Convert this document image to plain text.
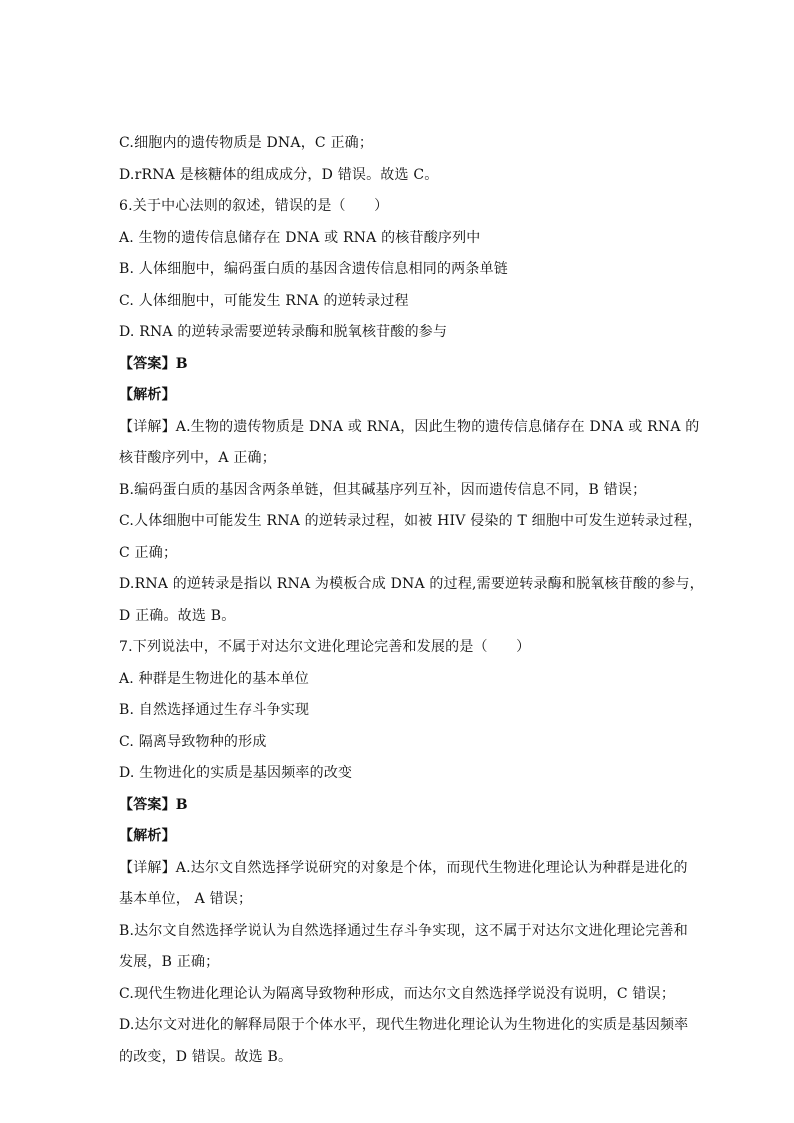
C.细胞内的遗传物质是 DNA，C 正确；
D.rRNA 是核糖体的组成成分，D 错误。故选 C。
6.关于中心法则的叙述，错误的是（　　）
A. 生物的遗传信息储存在 DNA 或 RNA 的核苷酸序列中
B. 人体细胞中，编码蛋白质的基因含遗传信息相同的两条单链
C. 人体细胞中，可能发生 RNA 的逆转录过程
D. RNA 的逆转录需要逆转录酶和脱氧核苷酸的参与
【答案】B
【解析】
【详解】A.生物的遗传物质是 DNA 或 RNA，因此生物的遗传信息储存在 DNA 或 RNA 的
核苷酸序列中，A 正确；
B.编码蛋白质的基因含两条单链，但其碱基序列互补，因而遗传信息不同，B 错误；
C.人体细胞中可能发生 RNA 的逆转录过程，如被 HIV 侵染的 T 细胞中可发生逆转录过程，
C 正确；
D.RNA 的逆转录是指以 RNA 为模板合成 DNA 的过程,需要逆转录酶和脱氧核苷酸的参与，
D 正确。故选 B。
7.下列说法中，不属于对达尔文进化理论完善和发展的是（　　）
A. 种群是生物进化的基本单位
B. 自然选择通过生存斗争实现
C. 隔离导致物种的形成
D. 生物进化的实质是基因频率的改变
【答案】B
【解析】
【详解】A.达尔文自然选择学说研究的对象是个体，而现代生物进化理论认为种群是进化的
基本单位， A 错误；
B.达尔文自然选择学说认为自然选择通过生存斗争实现，这不属于对达尔文进化理论完善和
发展，B 正确；
C.现代生物进化理论认为隔离导致物种形成，而达尔文自然选择学说没有说明，C 错误；
D.达尔文对进化的解释局限于个体水平，现代生物进化理论认为生物进化的实质是基因频率
的改变，D 错误。故选 B。
